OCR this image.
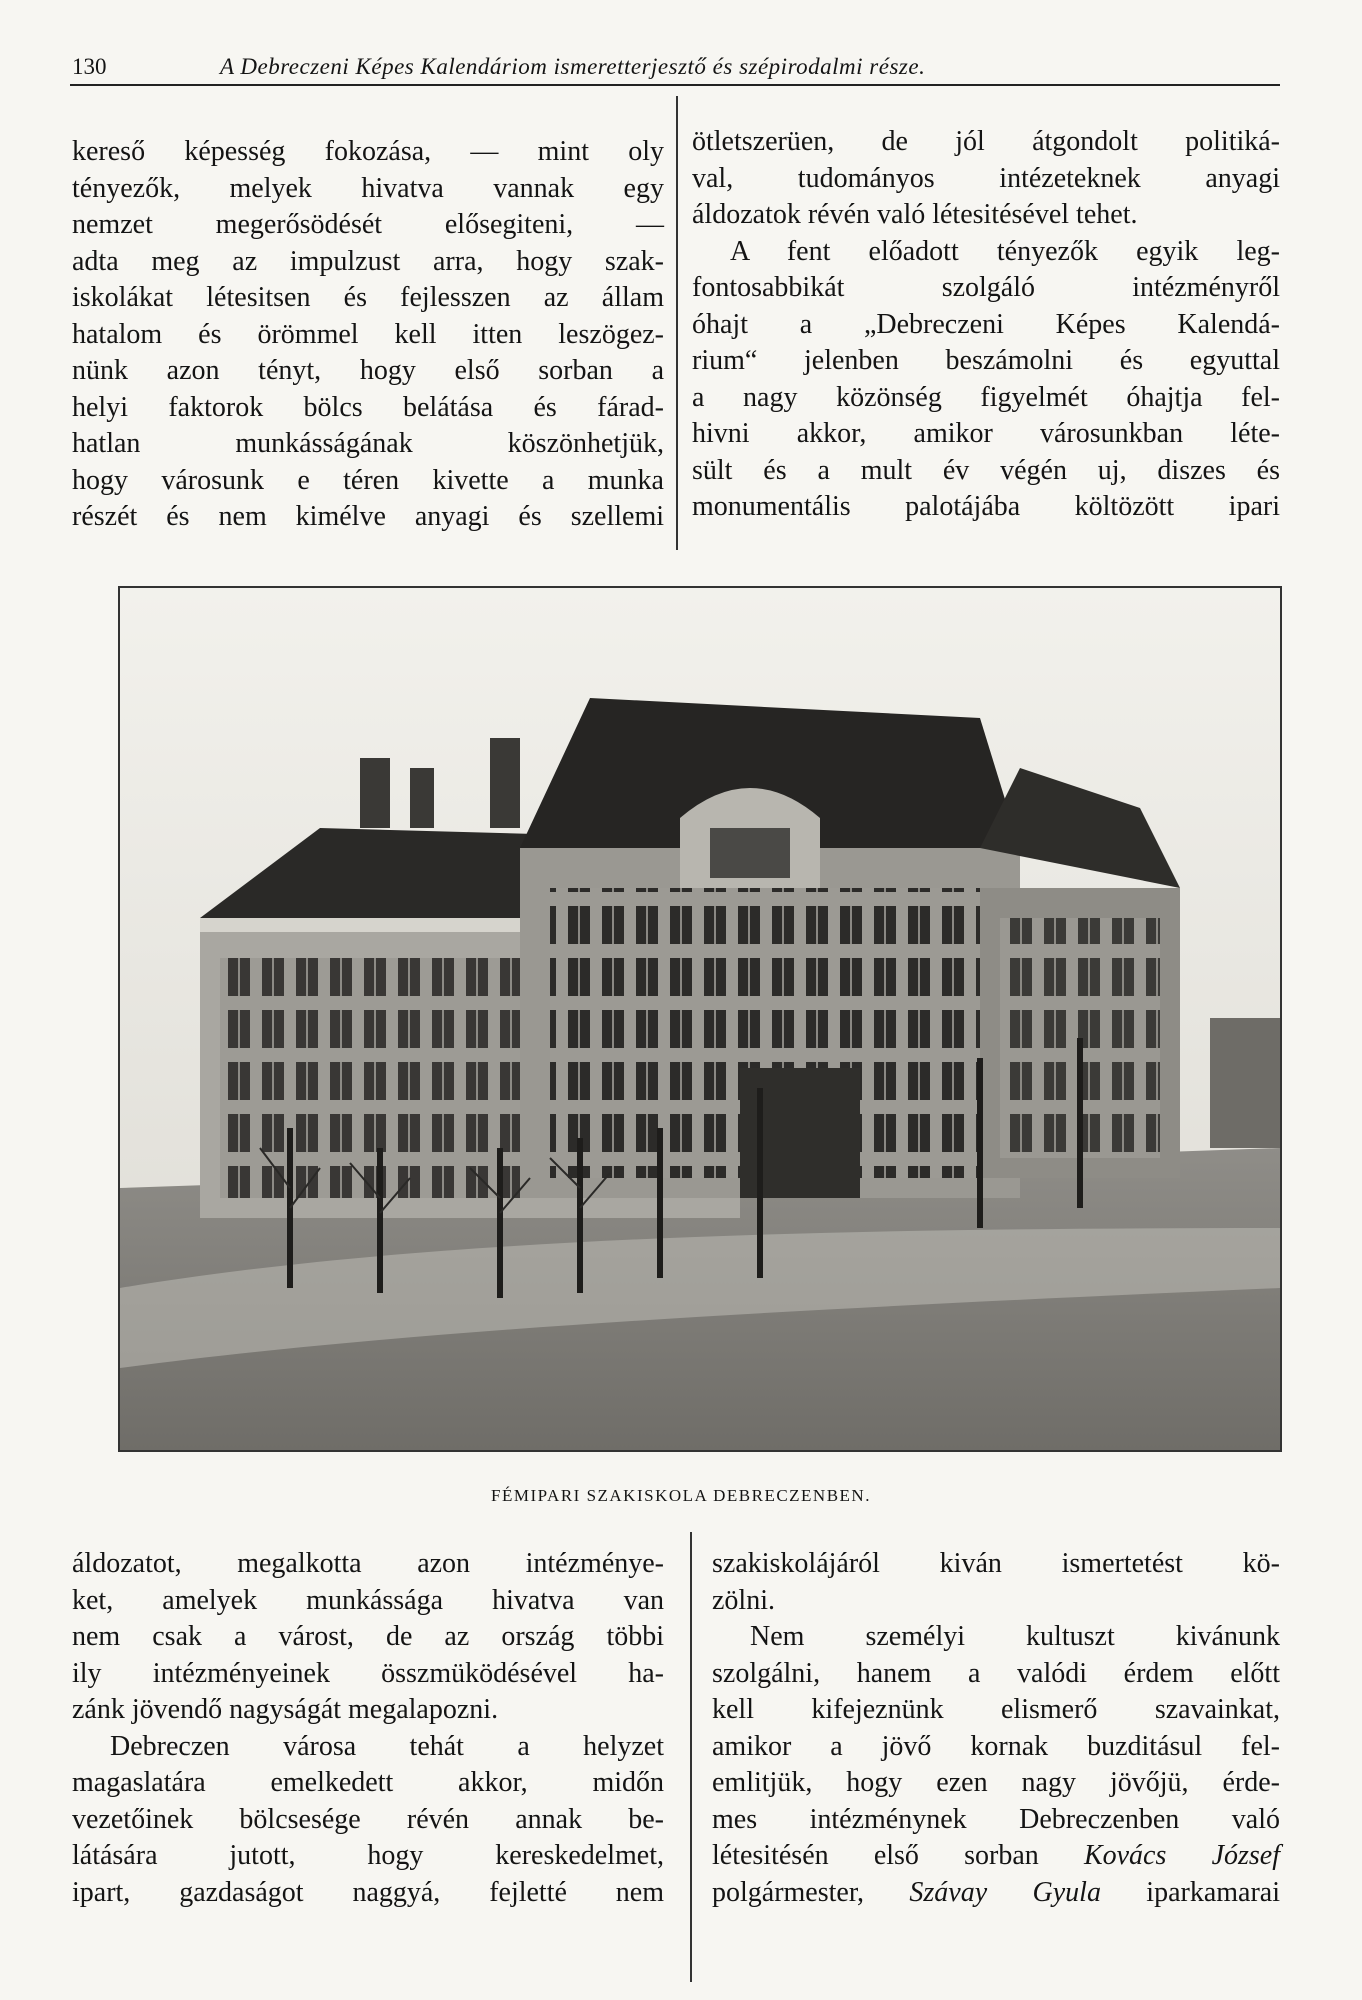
130	A Debreczeni Képes Kalendáriom ismeretterjesztő és szépirodalmi része.

kereső képesség fokozása, — mint oly

tényezők, melyek hivatva vannak egy

nemzet megerősödését elősegiteni, —

adta meg az impulzust arra, hogy szak-

iskolákat létesitsen és fejlesszen az állam

hatalom és örömmel kell itten leszögez-

nünk azon tényt, hogy első sorban a

helyi faktorok bölcs belátása és fárad-

hatlan munkásságának köszönhetjük,

hogy városunk e téren kivette a munka

részét és nem kimélve anyagi és szellemi

ötletszerüen, de jól átgondolt politiká-

val, tudományos intézeteknek anyagi

áldozatok révén való létesitésével tehet.

A fent előadott tényezők egyik leg-

fontosabbikát szolgáló intézményről

óhajt a „Debreczeni Képes Kalendá-

rium“ jelenben beszámolni és egyuttal

a nagy közönség figyelmét óhajtja fel-

hivni akkor, amikor városunkban léte-

sült és a mult év végén uj, diszes és

monumentális palotájába költözött ipari

FÉMIPARI SZAKISKOLA DEBRECZENBEN.

áldozatot, megalkotta azon intézménye-

ket, amelyek munkássága hivatva van

nem csak a várost, de az ország többi

ily intézményeinek összmüködésével ha-

zánk jövendő nagyságát megalapozni.

Debreczen városa tehát a helyzet

magaslatára emelkedett akkor, midőn

vezetőinek bölcsesége révén annak be-

látására jutott, hogy kereskedelmet,

ipart, gazdaságot naggyá, fejletté nem

szakiskolájáról kiván ismertetést kö-

zölni.

Nem személyi kultuszt kivánunk

szolgálni, hanem a valódi érdem előtt

kell kifejeznünk elismerő szavainkat,

amikor a jövő kornak buzditásul fel-

emlitjük, hogy ezen nagy jövőjü, érde-

mes intézménynek Debreczenben való

létesitésén első sorban Kovács József

polgármester, Szávay Gyula iparkamarai
